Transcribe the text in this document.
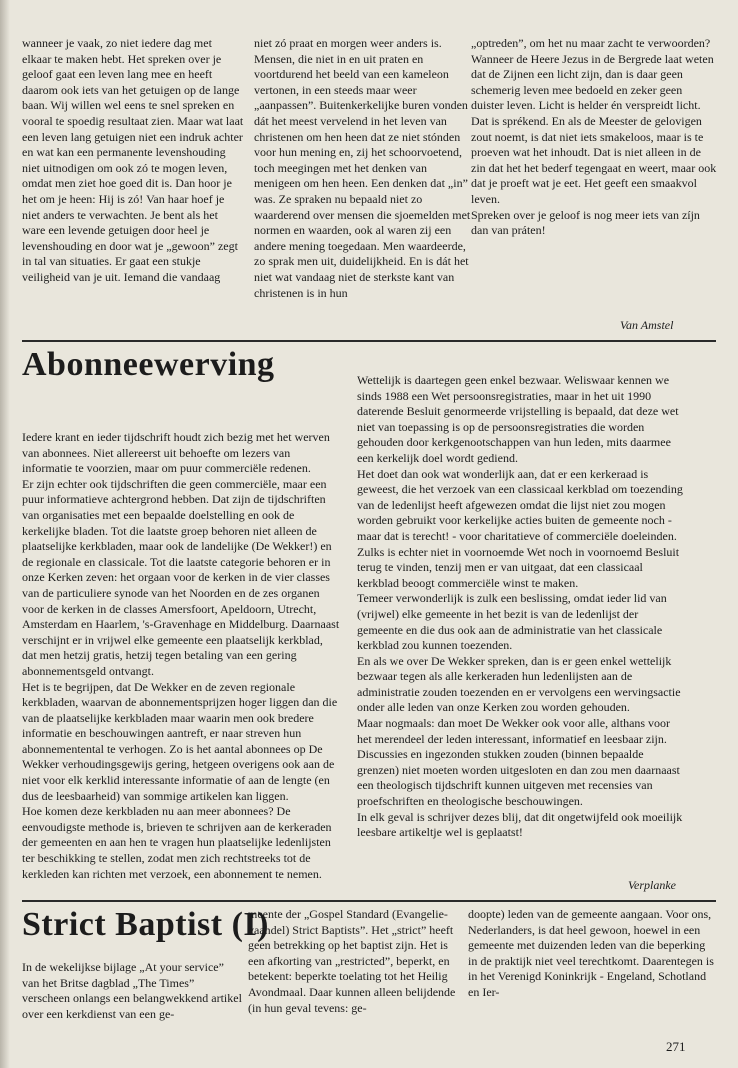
wanneer je vaak, zo niet iedere dag met elkaar te maken hebt. Het spreken over je geloof gaat een leven lang mee en heeft daarom ook iets van het getuigen op de lange baan. Wij willen wel eens te snel spreken en vooral te spoedig resultaat zien. Maar wat laat een leven lang getuigen niet een indruk achter en wat kan een permanente levenshouding niet uitnodigen om ook zó te mogen leven, omdat men ziet hoe goed dit is. Dan hoor je het om je heen: Hij is zó! Van haar hoef je niet anders te verwachten. Je bent als het ware een levende getuigen door heel je levenshouding en door wat je „gewoon” zegt in tal van situaties. Er gaat een stukje veiligheid van je uit. Iemand die vandaag

niet zó praat en morgen weer anders is. Mensen, die niet in en uit praten en voortdurend het beeld van een kameleon vertonen, in een steeds maar weer „aanpassen”. Buitenkerkelijke buren vonden dát het meest vervelend in het leven van christenen om hen heen dat ze niet stónden voor hun mening en, zij het schoorvoetend, toch meegingen met het denken van menigeen om hen heen. Een denken dat „in” was. Ze spraken nu bepaald niet zo waarderend over mensen die sjoemelden met normen en waarden, ook al waren zij een andere mening toegedaan. Men waardeerde, zo sprak men uit, duidelijkheid. En is dát het niet wat vandaag niet de sterkste kant van christenen is in hun

„optreden”, om het nu maar zacht te verwoorden?

Wanneer de Heere Jezus in de Bergrede laat weten dat de Zijnen een licht zijn, dan is daar geen schemerig leven mee bedoeld en zeker geen duister leven. Licht is helder én verspreidt licht. Dat is sprékend. En als de Meester de gelovigen zout noemt, is dat niet iets smakeloos, maar is te proeven wat het inhoudt. Dat is niet alleen in de zin dat het het bederf tegengaat en weert, maar ook dat je proeft wat je eet. Het geeft een smaakvol leven.

Spreken over je geloof is nog meer iets van zíjn dan van práten!

Van Amstel
Abonneewerving

Iedere krant en ieder tijdschrift houdt zich bezig met het werven van abonnees. Niet allereerst uit behoefte om lezers van informatie te voorzien, maar om puur commerciële redenen.

Er zijn echter ook tijdschriften die geen commerciële, maar een puur informatieve achtergrond hebben. Dat zijn de tijdschriften van organisaties met een bepaalde doelstelling en ook de kerkelijke bladen. Tot die laatste groep behoren niet alleen de plaatselijke kerkbladen, maar ook de landelijke (De Wekker!) en de regionale en classicale. Tot die laatste categorie behoren er in onze Kerken zeven: het orgaan voor de kerken in de vier classes van de particuliere synode van het Noorden en de zes organen voor de kerken in de classes Amersfoort, Apeldoorn, Utrecht, Amsterdam en Haarlem, 's-Gravenhage en Middelburg. Daarnaast verschijnt er in vrijwel elke gemeente een plaatselijk kerkblad, dat men hetzij gratis, hetzij tegen betaling van een gering abonnementsgeld ontvangt.

Het is te begrijpen, dat De Wekker en de zeven regionale kerkbladen, waarvan de abonnementsprijzen hoger liggen dan die van de plaatselijke kerkbladen maar waarin men ook bredere informatie en beschouwingen aantreft, er naar streven hun abonnementental te verhogen. Zo is het aantal abonnees op De Wekker verhoudingsgewijs gering, hetgeen overigens ook aan de niet voor elk kerklid interessante informatie of aan de lengte (en dus de leesbaarheid) van sommige artikelen kan liggen.

Hoe komen deze kerkbladen nu aan meer abonnees? De eenvoudigste methode is, brieven te schrijven aan de kerkeraden der gemeenten en aan hen te vragen hun plaatselijke ledenlijsten ter beschikking te stellen, zodat men zich rechtstreeks tot de kerkleden kan richten met verzoek, een abonnement te nemen.

Wettelijk is daartegen geen enkel bezwaar. Weliswaar kennen we sinds 1988 een Wet persoonsregistraties, maar in het uit 1990 daterende Besluit genormeerde vrijstelling is bepaald, dat deze wet niet van toepassing is op de persoonsregistraties die worden gehouden door kerkgenootschappen van hun leden, mits daarmee een kerkelijk doel wordt gediend.

Het doet dan ook wat wonderlijk aan, dat er een kerkeraad is geweest, die het verzoek van een classicaal kerkblad om toezending van de ledenlijst heeft afgewezen omdat die lijst niet zou mogen worden gebruikt voor kerkelijke acties buiten de gemeente noch - maar dat is terecht! - voor charitatieve of commerciële doeleinden. Zulks is echter niet in voornoemde Wet noch in voornoemd Besluit terug te vinden, tenzij men er van uitgaat, dat een classicaal kerkblad beoogt commerciële winst te maken.

Temeer verwonderlijk is zulk een beslissing, omdat ieder lid van (vrijwel) elke gemeente in het bezit is van de ledenlijst der gemeente en die dus ook aan de administratie van het classicale kerkblad zou kunnen toezenden.

En als we over De Wekker spreken, dan is er geen enkel wettelijk bezwaar tegen als alle kerkeraden hun ledenlijsten aan de administratie zouden toezenden en er vervolgens een wervingsactie onder alle leden van onze Kerken zou worden gehouden.

Maar nogmaals: dan moet De Wekker ook voor alle, althans voor het merendeel der leden interessant, informatief en leesbaar zijn. Discussies en ingezonden stukken zouden (binnen bepaalde grenzen) niet moeten worden uitgesloten en dan zou men daarnaast een theologisch tijdschrift kunnen uitgeven met recensies van proefschriften en theologische beschouwingen.

In elk geval is schrijver dezes blij, dat dit ongetwijfeld ook moeilijk leesbare artikeltje wel is geplaatst!

Verplanke
Strict Baptist (I)

In de wekelijkse bijlage „At your service” van het Britse dagblad „The Times” verscheen onlangs een belangwekkend artikel over een kerkdienst van een ge-

meente der „Gospel Standard (Evangelie-vaandel) Strict Baptists”. Het „strict” heeft geen betrekking op het baptist zijn. Het is een afkorting van „restricted”, beperkt, en betekent: beperkte toelating tot het Heilig Avondmaal. Daar kunnen alleen belijdende (in hun geval tevens: ge-

doopte) leden van de gemeente aangaan. Voor ons, Nederlanders, is dat heel gewoon, hoewel in een gemeente met duizenden leden van die beperking in de praktijk niet veel terechtkomt. Daarentegen is in het Verenigd Koninkrijk - Engeland, Schotland en Ier-

271
